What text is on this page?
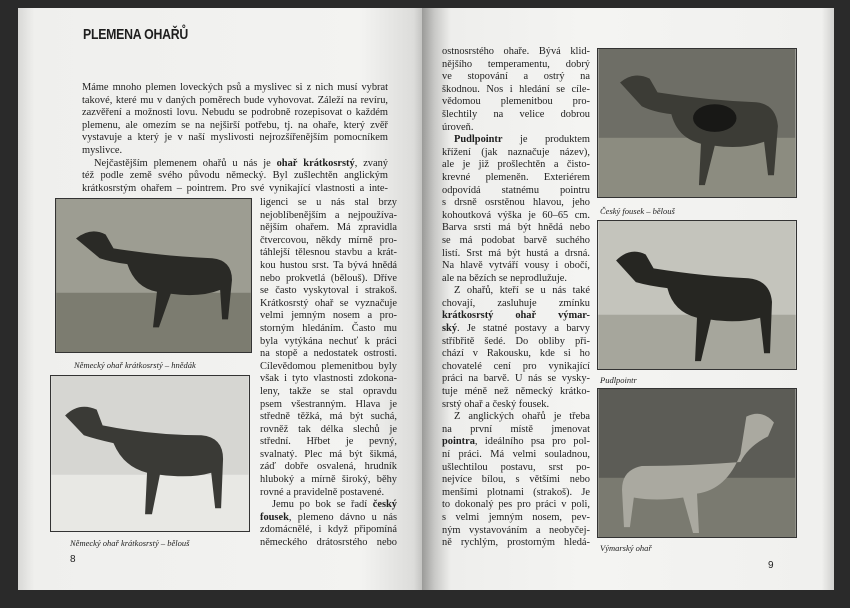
PLEMENA OHAŘŮ
Máme mnoho plemen loveckých psů a myslivec si z nich musí vybrat
takové, které mu v daných poměrech bude vyhovovat. Záleží na revíru,
zazvěření a možnosti lovu. Nebudu se podrobně rozepisovat o každém
plemenu, ale omezím se na nejširší potřebu, tj. na ohaře, který zvěř
vystavuje a který je v naší myslivosti nejrozšířenějším pomocníkem
myslivce.
Nejčastějším plemenem ohařů u nás je ohař krátkosrstý, zvaný
též podle země svého původu německý. Byl zušlechtěn anglickým
krátkosrstým ohařem – pointrem. Pro své vynikající vlastnosti a inte-
ligenci se u nás stal brzy
nejoblíbenějším a nejpoužíva-
nějším ohařem. Má zpravidla
čtvercovou, někdy mírně pro-
táhlejší tělesnou stavbu a krát-
kou hustou srst. Ta bývá hnědá
nebo prokvetlá (bělouš). Dříve
se často vyskytoval i strakoš.
Krátkosrstý ohař se vyznačuje
velmi jemným nosem a pro-
storným hledáním. Často mu
byla vytýkána nechuť k práci
na stopě a nedostatek ostrosti.
Cílevědomou plemenitbou byly
však i tyto vlastnosti zdokona-
leny, takže se stal opravdu
psem všestranným. Hlava je
středně těžká, má být suchá,
rovněž tak délka slechů je
střední. Hřbet je pevný,
svalnatý. Plec má být šikmá,
záď dobře osvalená, hrudník
hluboký a mírně široký, běhy
rovné a pravidelně postavené.
Jemu po bok se řadí český
fousek, plemeno dávno u nás
zdomácnělé, i když připomíná
německého drátosrstého nebo
Německý ohař krátkosrstý – hnědák
Německý ohař krátkosrstý – bělouš
8
ostnosrstého ohaře. Bývá klid-
nějšího temperamentu, dobrý
ve stopování a ostrý na
škodnou. Nos i hledání se cíle-
vědomou plemenitbou pro-
šlechtily na velice dobrou
úroveň.
Pudlpointr je produktem
křížení (jak naznačuje název),
ale je již prošlechtěn a čisto-
krevné plemeněn. Exteriérem
odpovídá statnému pointru
s drsně osrstěnou hlavou, jeho
kohoutková výška je 60–65 cm.
Barva srsti má být hnědá nebo
se má podobat barvě suchého
listí. Srst má být hustá a drsná.
Na hlavě vytváří vousy i obočí,
ale na bězích se neprodlužuje.
Z ohařů, kteří se u nás také
chovají, zasluhuje zmínku
krátkosrstý ohař výmar-
ský. Je statné postavy a barvy
stříbřitě šedé. Do obliby při-
chází v Rakousku, kde si ho
chovatelé cení pro vynikající
práci na barvě. U nás se vysky-
tuje méně než německý krátko-
srstý ohař a český fousek.
Z anglických ohařů je třeba
na první místě jmenovat
pointra, ideálního psa pro pol-
ní práci. Má velmi souladnou,
ušlechtilou postavu, srst po-
nejvíce bílou, s většími nebo
menšími plotnami (strakoš). Je
to dokonalý pes pro práci v poli,
s velmi jemným nosem, pev-
ným vystavováním a neobyčej-
ně rychlým, prostorným hledá-
Český fousek – bělouš
Pudlpointr
Výmarský ohař
9
